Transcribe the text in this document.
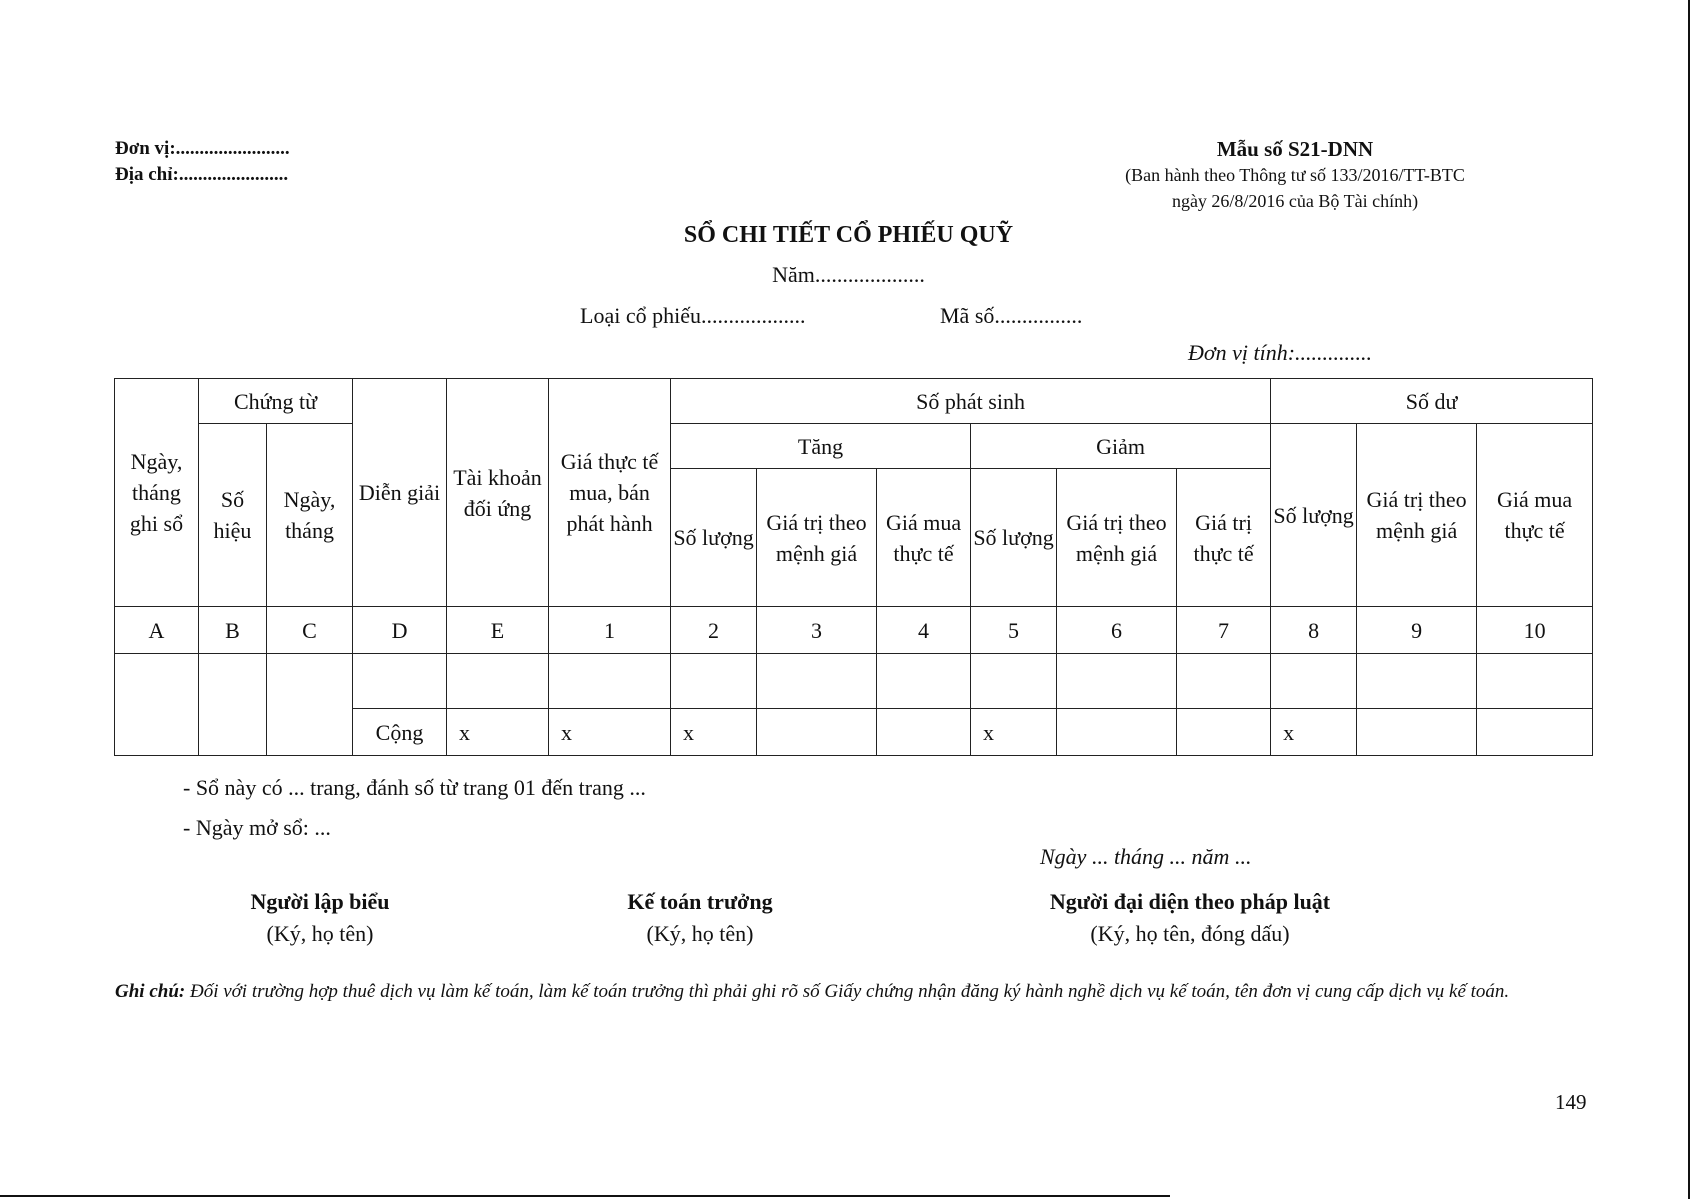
Đơn vị:........................
Địa chỉ:.......................
Mẫu số S21-DNN
(Ban hành theo Thông tư số 133/2016/TT-BTC
ngày 26/8/2016 của Bộ Tài chính)
SỔ CHI TIẾT CỔ PHIẾU QUỸ
Năm....................
Loại cổ phiếu...................	Mã số................
Đơn vị tính:..............
Ngày, tháng ghi sổ	Chứng từ		Diễn giải	Tài khoản đối ứng	Giá thực tế mua, bán phát hành	Số phát sinh						Số dư		
	Số hiệu	Ngày, tháng				Tăng			Giảm			Số lượng	Giá trị theo mệnh giá	Giá mua thực tế
						Số lượng	Giá trị theo mệnh giá	Giá mua thực tế	Số lượng	Giá trị theo mệnh giá	Giá trị thực tế			
A	B	C	D	E	1	2	3	4	5	6	7	8	9	10

			Cộng	x	x	x			x			x		
- Sổ này có ... trang, đánh số từ trang 01 đến trang ...
- Ngày mở sổ: ...
Ngày ... tháng ... năm ...
Người lập biểu
(Ký, họ tên)
Kế toán trưởng
(Ký, họ tên)
Người đại diện theo pháp luật
(Ký, họ tên, đóng dấu)
Ghi chú: Đối với trường hợp thuê dịch vụ làm kế toán, làm kế toán trưởng thì phải ghi rõ số Giấy chứng nhận đăng ký hành nghề dịch vụ kế toán, tên đơn vị cung cấp dịch vụ kế toán.
149
